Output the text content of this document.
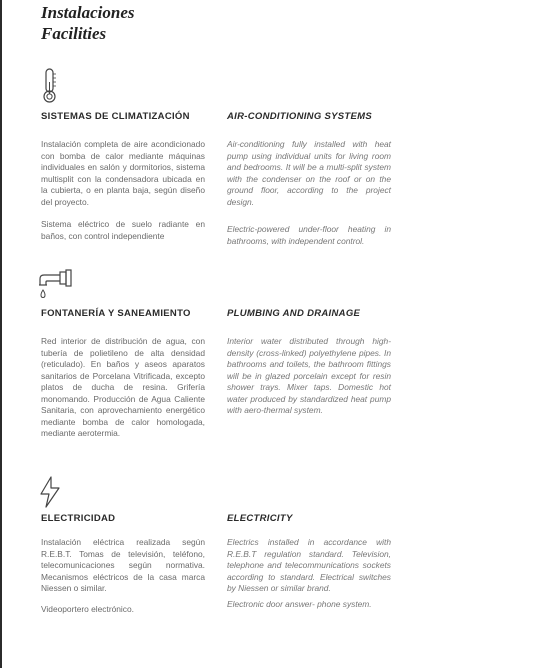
Instalaciones
Facilities
SISTEMAS DE CLIMATIZACIÓN	AIR-CONDITIONING SYSTEMS

Instalación completa de aire acondicionado con bomba de calor mediante máquinas individuales en salón y dormitorios, sistema multisplit con la condensadora ubicada en la cubierta, o en planta baja, según diseño del proyecto.

Sistema eléctrico de suelo radiante en baños, con control independiente

Air-conditioning fully installed with heat pump using individual units for living room and bedrooms. It will be a multi-split system with the condenser on the roof or on the ground floor, according to the project design.

Electric-powered under-floor heating in bathrooms, with independent control.

FONTANERÍA Y SANEAMIENTO	PLUMBING AND DRAINAGE

Red interior de distribución de agua, con tubería de polietileno de alta densidad (reticulado). En baños y aseos aparatos sanitarios de Porcelana Vitrificada, excepto platos de ducha de resina. Grifería monomando. Producción de Agua Caliente Sanitaria, con aprovechamiento energético mediante bomba de calor homologada, mediante aerotermia.

Interior water distributed through high-density (cross-linked) polyethylene pipes. In bathrooms and toilets, the bathroom fittings will be in glazed porcelain except for resin shower trays. Mixer taps. Domestic hot water produced by standardized heat pump with aero-thermal system.

ELECTRICIDAD	ELECTRICITY

Instalación eléctrica realizada según R.E.B.T. Tomas de televisión, teléfono, telecomunicaciones según normativa. Mecanismos eléctricos de la casa marca Niessen o similar.

Videoportero electrónico.

Electrics installed in accordance with R.E.B.T regulation standard. Television, telephone and telecommunications sockets according to standard. Electrical switches by Niessen or similar brand.

Electronic door answer- phone system.
